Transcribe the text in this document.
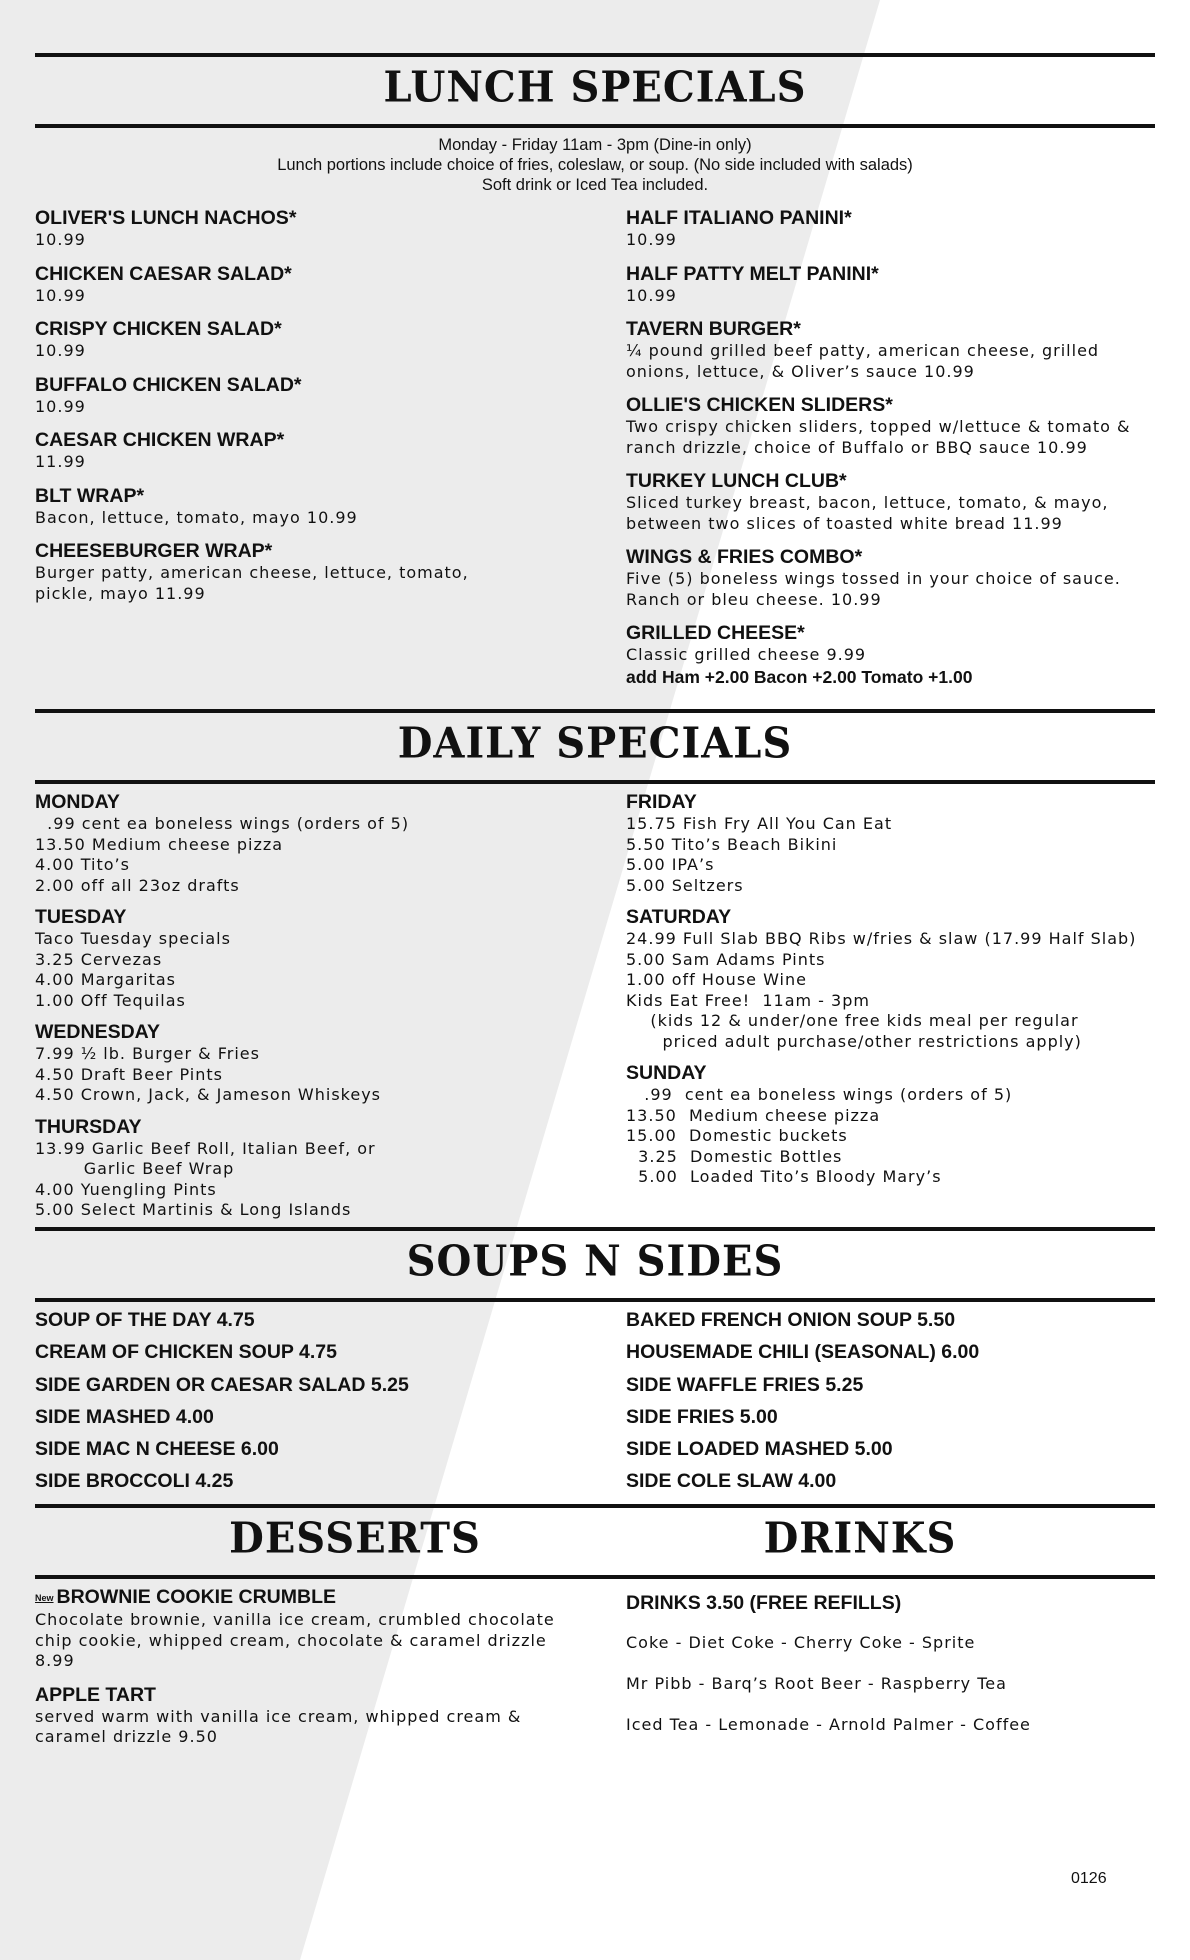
LUNCH SPECIALS
Monday - Friday 11am - 3pm (Dine-in only)
Lunch portions include choice of fries, coleslaw, or soup. (No side included with salads)
Soft drink or Iced Tea included.
OLIVER'S LUNCH NACHOS*
10.99
CHICKEN CAESAR SALAD*
10.99
CRISPY CHICKEN SALAD*
10.99
BUFFALO CHICKEN SALAD*
10.99
CAESAR CHICKEN WRAP*
11.99
BLT WRAP*
Bacon, lettuce, tomato, mayo 10.99
CHEESEBURGER WRAP*
Burger patty, american cheese, lettuce, tomato, pickle, mayo 11.99
HALF ITALIANO PANINI*
10.99
HALF PATTY MELT PANINI*
10.99
TAVERN BURGER*
¼ pound grilled beef patty, american cheese, grilled onions, lettuce, & Oliver’s sauce 10.99
OLLIE'S CHICKEN SLIDERS*
Two crispy chicken sliders, topped w/lettuce & tomato & ranch drizzle, choice of Buffalo or BBQ sauce 10.99
TURKEY LUNCH CLUB*
Sliced turkey breast, bacon, lettuce, tomato, & mayo, between two slices of toasted white bread 11.99
WINGS & FRIES COMBO*
Five (5) boneless wings tossed in your choice of sauce. Ranch or bleu cheese. 10.99
GRILLED CHEESE*
Classic grilled cheese 9.99
add Ham +2.00 Bacon +2.00 Tomato +1.00
DAILY SPECIALS
MONDAY
.99 cent ea boneless wings (orders of 5)
13.50 Medium cheese pizza
4.00 Tito’s
2.00 off all 23oz drafts
TUESDAY
Taco Tuesday specials
3.25 Cervezas
4.00 Margaritas
1.00 Off Tequilas
WEDNESDAY
7.99 ½ lb. Burger & Fries
4.50 Draft Beer Pints
4.50 Crown, Jack, & Jameson Whiskeys
THURSDAY
13.99 Garlic Beef Roll, Italian Beef, or
Garlic Beef Wrap
4.00 Yuengling Pints
5.00 Select Martinis & Long Islands
FRIDAY
15.75 Fish Fry All You Can Eat
5.50 Tito’s Beach Bikini
5.00 IPA’s
5.00 Seltzers
SATURDAY
24.99 Full Slab BBQ Ribs w/fries & slaw (17.99 Half Slab)
5.00 Sam Adams Pints
1.00 off House Wine
Kids Eat Free!  11am - 3pm
(kids 12 & under/one free kids meal per regular
priced adult purchase/other restrictions apply)
SUNDAY
.99  cent ea boneless wings (orders of 5)
13.50  Medium cheese pizza
15.00  Domestic buckets
3.25  Domestic Bottles
5.00  Loaded Tito’s Bloody Mary’s
SOUPS N SIDES
SOUP OF THE DAY 4.75
CREAM OF CHICKEN SOUP 4.75
SIDE GARDEN OR CAESAR SALAD 5.25
SIDE MASHED 4.00
SIDE MAC N CHEESE 6.00
SIDE BROCCOLI 4.25
BAKED FRENCH ONION SOUP 5.50
HOUSEMADE CHILI (SEASONAL) 6.00
SIDE WAFFLE FRIES 5.25
SIDE FRIES 5.00
SIDE LOADED MASHED 5.00
SIDE COLE SLAW 4.00
DESSERTS	DRINKS
New BROWNIE COOKIE CRUMBLE
Chocolate brownie, vanilla ice cream, crumbled chocolate chip cookie, whipped cream, chocolate & caramel drizzle 8.99
APPLE TART
served warm with vanilla ice cream, whipped cream & caramel drizzle 9.50
DRINKS 3.50 (FREE REFILLS)
Coke - Diet Coke - Cherry Coke - Sprite
Mr Pibb - Barq’s Root Beer - Raspberry Tea
Iced Tea - Lemonade - Arnold Palmer - Coffee
0126
